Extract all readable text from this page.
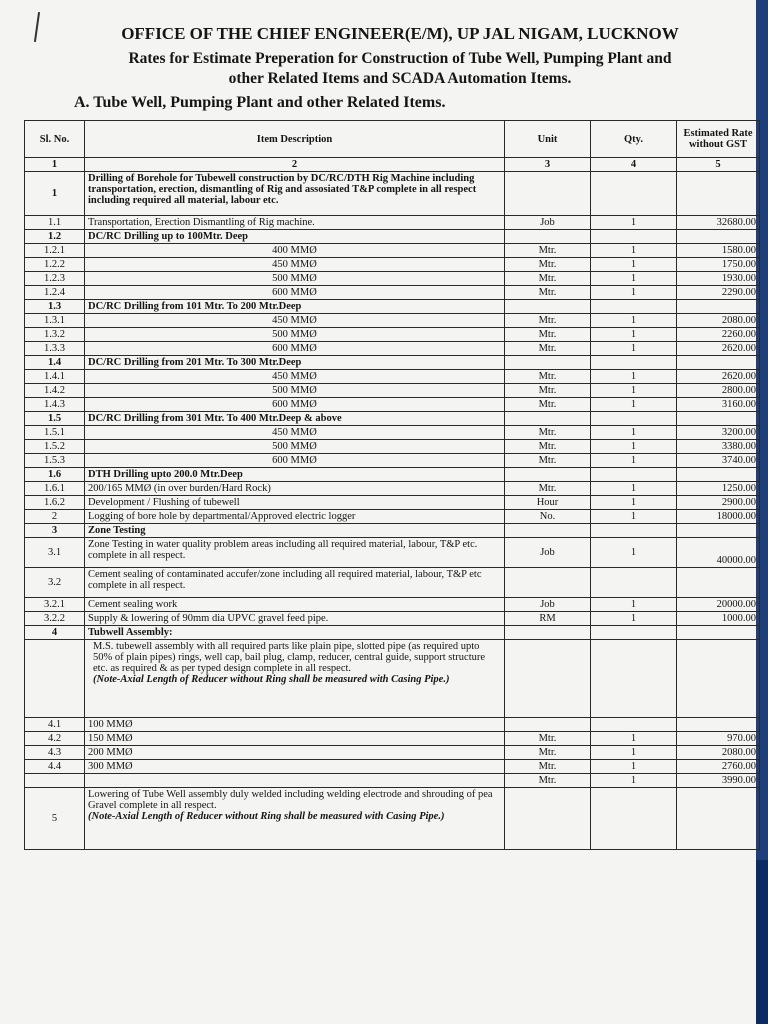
OFFICE OF THE CHIEF ENGINEER(E/M), UP JAL NIGAM, LUCKNOW
Rates for Estimate Preperation for Construction of Tube Well, Pumping Plant and
other Related Items and SCADA Automation Items.
A. Tube Well, Pumping Plant and other Related Items.
Sl. No.	Item Description	Unit	Qty.	Estimated Rate without GST
1	2	3	4	5
1	Drilling of Borehole for Tubewell construction by DC/RC/DTH Rig Machine including transportation, erection, dismantling of Rig and assosiated T&P complete in all respect including required all material, labour etc.			

1.1	Transportation, Erection Dismantling of Rig machine.	Job	1	32680.00
1.2	DC/RC Drilling up to 100Mtr. Deep			

1.2.1	400 MMØ	Mtr.	1	1580.00
1.2.2	450 MMØ	Mtr.	1	1750.00
1.2.3	500 MMØ	Mtr.	1	1930.00
1.2.4	600 MMØ	Mtr.	1	2290.00
1.3	DC/RC Drilling from 101 Mtr. To 200 Mtr.Deep			

1.3.1	450 MMØ	Mtr.	1	2080.00
1.3.2	500 MMØ	Mtr.	1	2260.00
1.3.3	600 MMØ	Mtr.	1	2620.00
1.4	DC/RC Drilling from 201 Mtr. To 300 Mtr.Deep			

1.4.1	450 MMØ	Mtr.	1	2620.00
1.4.2	500 MMØ	Mtr.	1	2800.00
1.4.3	600 MMØ	Mtr.	1	3160.00
1.5	DC/RC Drilling from 301 Mtr. To 400 Mtr.Deep & above			

1.5.1	450 MMØ	Mtr.	1	3200.00
1.5.2	500 MMØ	Mtr.	1	3380.00
1.5.3	600 MMØ	Mtr.	1	3740.00
1.6	DTH Drilling upto 200.0 Mtr.Deep			

1.6.1	200/165 MMØ (in over burden/Hard Rock)	Mtr.	1	1250.00
1.6.2	Development / Flushing of tubewell	Hour	1	2900.00
2	Logging of bore hole by departmental/Approved electric logger	No.	1	18000.00
3	Zone Testing			

3.1	Zone Testing in water quality problem areas including all required material, labour, T&P etc. complete in all respect.	Job	1	40000.00
3.2	Cement sealing of contaminated accufer/zone including all required material, labour, T&P etc complete in all respect.			

3.2.1	Cement sealing work	Job	1	20000.00
3.2.2	Supply & lowering of 90mm dia UPVC gravel feed pipe.	RM	1	1000.00
4	Tubwell Assembly:			

	M.S. tubewell assembly with all required parts like plain pipe, slotted pipe (as required upto 50% of plain pipes) rings, well cap, bail plug, clamp, reducer, central guide, support structure etc. as required & as per typed design complete in all respect.
(Note-Axial Length of Reducer without Ring shall be measured with Casing Pipe.)			

4.1	100 MMØ			

4.2	150 MMØ	Mtr.	1	970.00
4.3	200 MMØ	Mtr.	1	2080.00
4.4	300 MMØ	Mtr.	1	2760.00

	Mtr.	1	3990.00
5	Lowering of Tube Well assembly duly welded including welding electrode and shrouding of pea Gravel complete in all respect.
(Note-Axial Length of Reducer without Ring shall be measured with Casing Pipe.)			
